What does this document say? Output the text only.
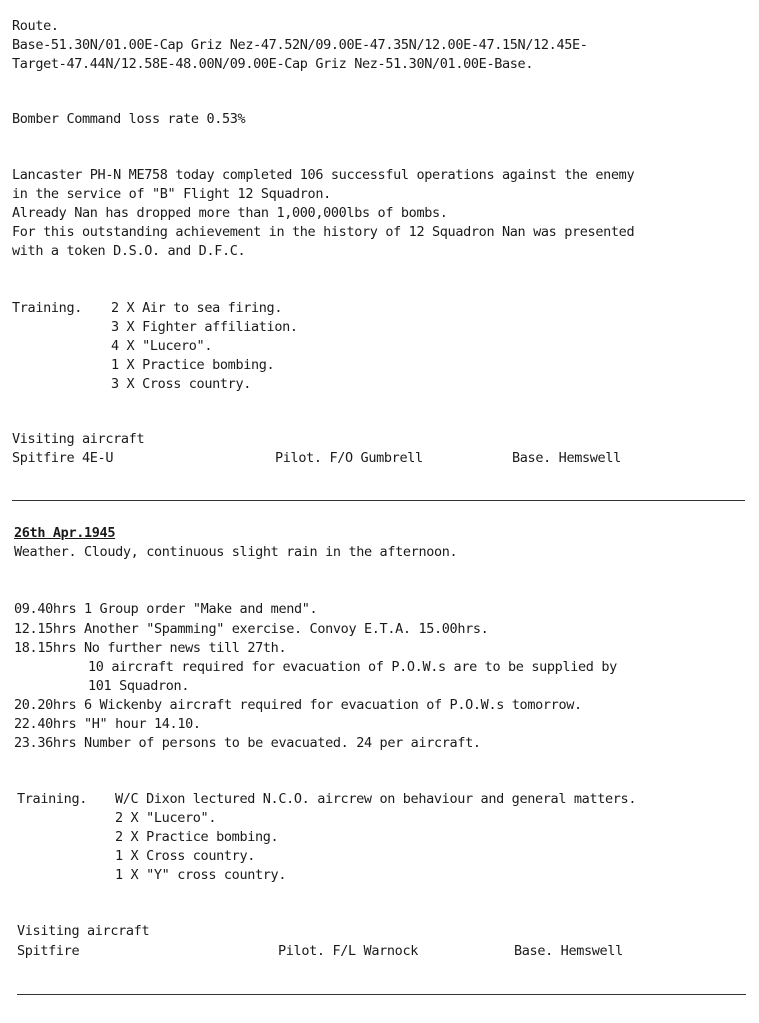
Route.
Base-51.30N/01.00E-Cap Griz Nez-47.52N/09.00E-47.35N/12.00E-47.15N/12.45E-
Target-47.44N/12.58E-48.00N/09.00E-Cap Griz Nez-51.30N/01.00E-Base.
Bomber Command loss rate 0.53%
Lancaster PH-N ME758 today completed 106 successful operations against the enemy
in the service of "B" Flight 12 Squadron.
Already Nan has dropped more than 1,000,000lbs of bombs.
For this outstanding achievement in the history of 12 Squadron Nan was presented
with a token D.S.O. and D.F.C.
Training. 2 X Air to sea firing.
3 X Fighter affiliation.
4 X "Lucero".
1 X Practice bombing.
3 X Cross country.
Visiting aircraft
Spitfire 4E-U	Pilot. F/O Gumbrell	Base. Hemswell
26th Apr.1945
Weather. Cloudy, continuous slight rain in the afternoon.
09.40hrs 1 Group order "Make and mend".
12.15hrs Another "Spamming" exercise. Convoy E.T.A. 15.00hrs.
18.15hrs No further news till 27th.
10 aircraft required for evacuation of P.O.W.s are to be supplied by
101 Squadron.
20.20hrs 6 Wickenby aircraft required for evacuation of P.O.W.s tomorrow.
22.40hrs "H" hour 14.10.
23.36hrs Number of persons to be evacuated. 24 per aircraft.
Training. W/C Dixon lectured N.C.O. aircrew on behaviour and general matters.
2 X "Lucero".
2 X Practice bombing.
1 X Cross country.
1 X "Y" cross country.
Visiting aircraft
Spitfire	Pilot. F/L Warnock	Base. Hemswell
